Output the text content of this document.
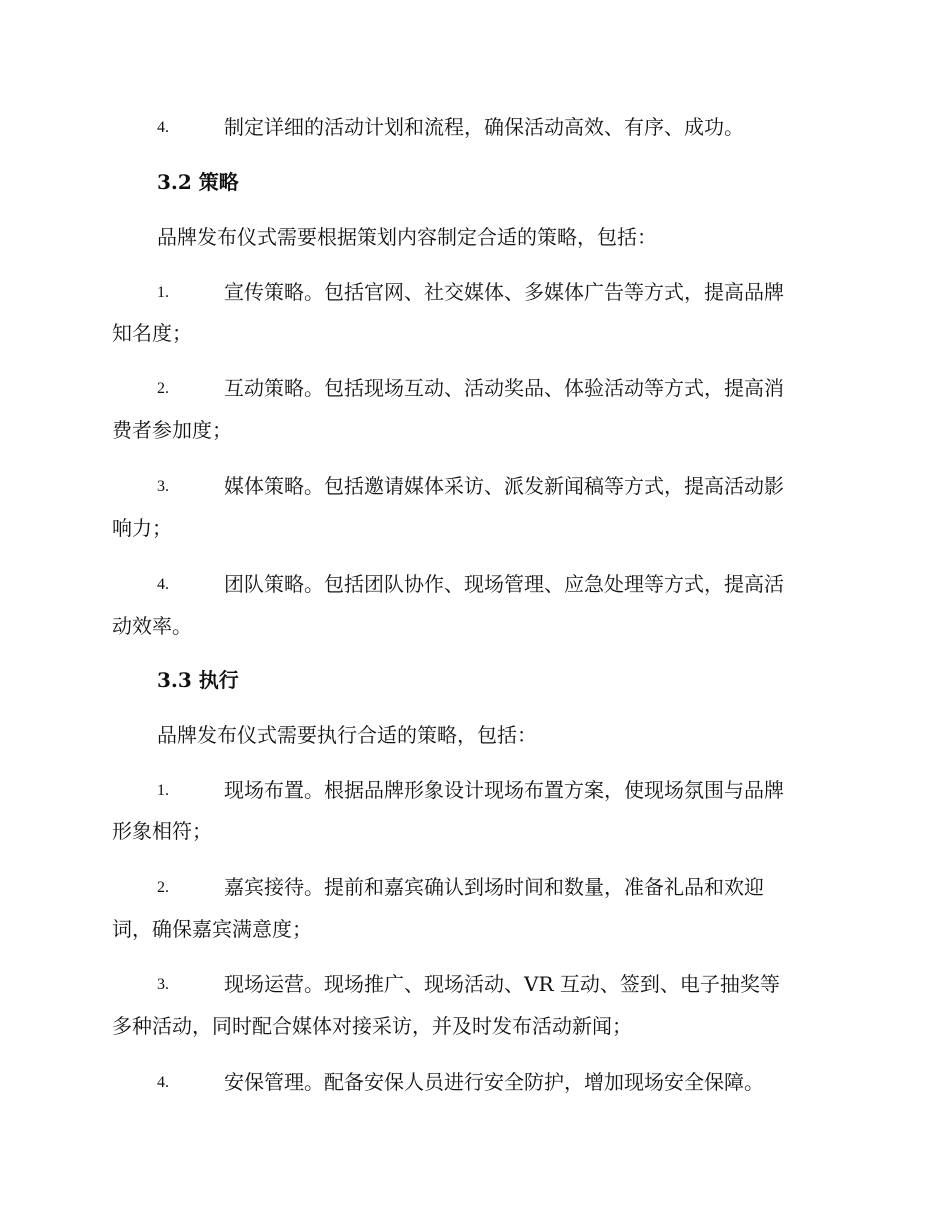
4.	制定详细的活动计划和流程，确保活动高效、有序、成功。
3.2 策略
品牌发布仪式需要根据策划内容制定合适的策略，包括：
1.	宣传策略。包括官网、社交媒体、多媒体广告等方式，提高品牌
知名度；
2.	互动策略。包括现场互动、活动奖品、体验活动等方式，提高消
费者参加度；
3.	媒体策略。包括邀请媒体采访、派发新闻稿等方式，提高活动影
响力；
4.	团队策略。包括团队协作、现场管理、应急处理等方式，提高活
动效率。
3.3 执行
品牌发布仪式需要执行合适的策略，包括：
1.	现场布置。根据品牌形象设计现场布置方案，使现场氛围与品牌
形象相符；
2.	嘉宾接待。提前和嘉宾确认到场时间和数量，准备礼品和欢迎
词，确保嘉宾满意度；
3.	现场运营。现场推广、现场活动、VR 互动、签到、电子抽奖等
多种活动，同时配合媒体对接采访，并及时发布活动新闻；
4.	安保管理。配备安保人员进行安全防护，增加现场安全保障。
